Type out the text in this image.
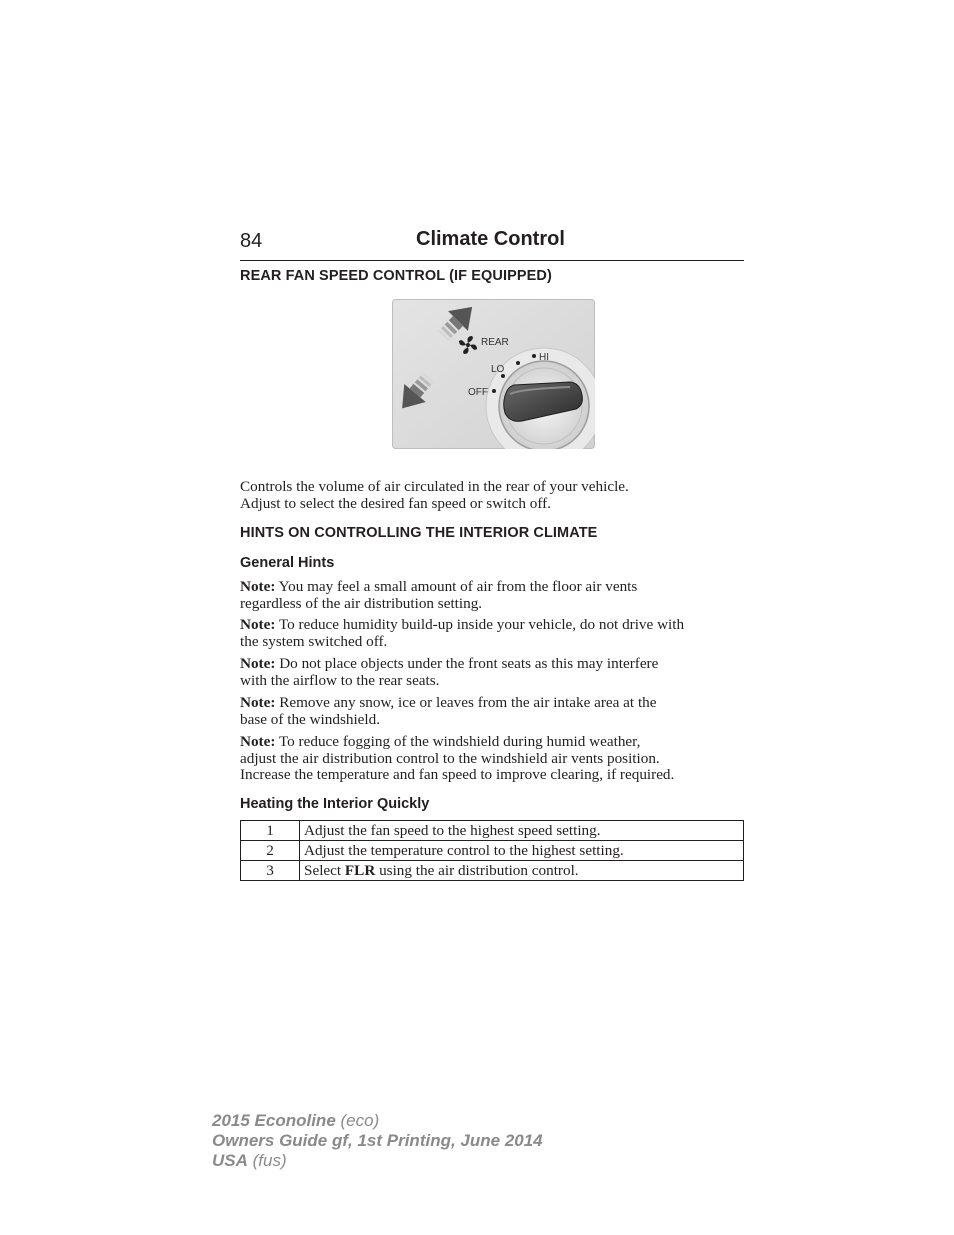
84	Climate Control
REAR FAN SPEED CONTROL (IF EQUIPPED)
OFF
LO
HI
REAR

Controls the volume of air circulated in the rear of your vehicle.
Adjust to select the desired fan speed or switch off.

HINTS ON CONTROLLING THE INTERIOR CLIMATE
General Hints

Note: You may feel a small amount of air from the floor air vents
regardless of the air distribution setting.

Note: To reduce humidity build-up inside your vehicle, do not drive with
the system switched off.

Note: Do not place objects under the front seats as this may interfere
with the airflow to the rear seats.

Note: Remove any snow, ice or leaves from the air intake area at the
base of the windshield.

Note: To reduce fogging of the windshield during humid weather,
adjust the air distribution control to the windshield air vents position.
Increase the temperature and fan speed to improve clearing, if required.

Heating the Interior Quickly
1	Adjust the fan speed to the highest speed setting.
2	Adjust the temperature control to the highest setting.
3	Select FLR using the air distribution control.
2015 Econoline (eco)
Owners Guide gf, 1st Printing, June 2014
USA (fus)
